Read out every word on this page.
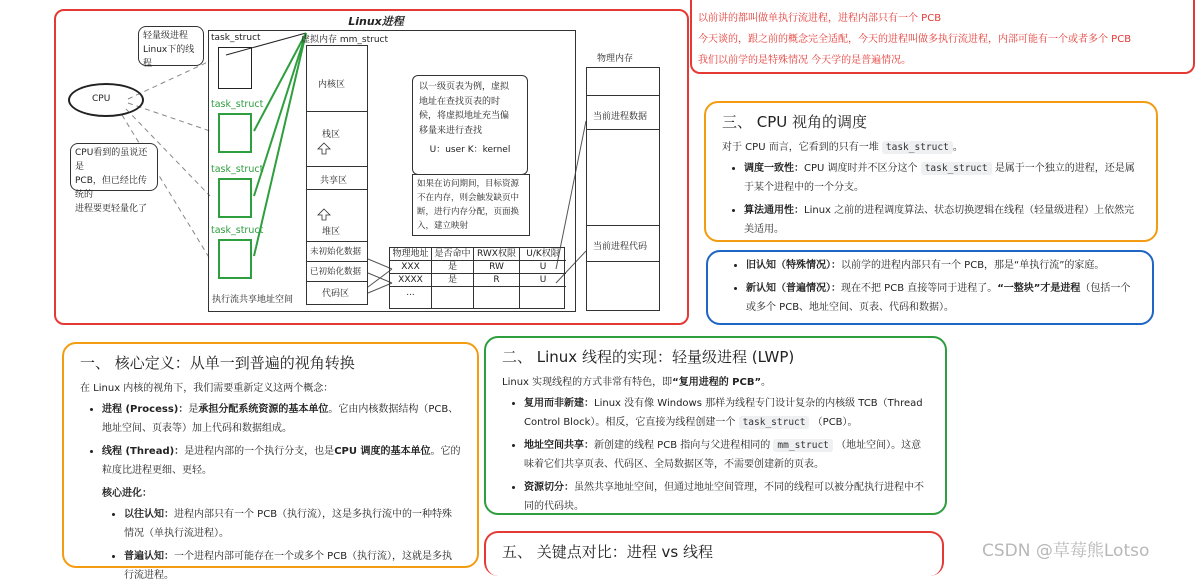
Linux进程
CPU
轻量级进程
Linux下的线程
CPU看到的虽说还是
PCB，但已经比传统的
进程要更轻量化了
task_struct
task_struct
task_struct
task_struct
执行流共享地址空间
虚拟内存 mm_struct
内核区
栈区
共享区
堆区
未初始化数据
已初始化数据
代码区
以一级页表为例，虚拟
地址在查找页表的时
候，将虚拟地址充当偏
移量来进行查找
U：user K：kernel
如果在访问期间，目标资源
不在内存，则会触发缺页中
断，进行内存分配，页面换
入，建立映射
物理地址 是否命中 RWX权限	U/K权限
XXX	是	RW	U
XXXX	是	R	U
...
物理内存
当前进程数据
当前进程代码
以前讲的都叫做单执行流进程，进程内部只有一个 PCB
今天谈的，跟之前的概念完全适配，今天的进程叫做多执行流进程，内部可能有一个或者多个 PCB
我们以前学的是特殊情况 今天学的是普遍情况。
三、 CPU 视角的调度

对于 CPU 而言，它看到的只有一堆 task_struct 。

• 调度一致性：CPU 调度时并不区分这个 task_struct 是属于一个独立的进程，还是属于某个进程中的一个分支。
• 算法通用性：Linux 之前的进程调度算法、状态切换逻辑在线程（轻量级进程）上依然完美适用。
• 旧认知（特殊情况）：以前学的进程内部只有一个 PCB，那是“单执行流”的家庭。
• 新认知（普遍情况）：现在不把 PCB 直接等同于进程了。“一整块”才是进程（包括一个或多个 PCB、地址空间、页表、代码和数据）。
一、 核心定义：从单一到普遍的视角转换

在 Linux 内核的视角下，我们需要重新定义这两个概念：

• 进程 (Process)：是承担分配系统资源的基本单位。它由内核数据结构（PCB、地址空间、页表等）加上代码和数据组成。
• 线程 (Thread)：是进程内部的一个执行分支，也是CPU 调度的基本单位。它的粒度比进程更细、更轻。

核心进化：

• 以往认知：进程内部只有一个 PCB（执行流），这是多执行流中的一种特殊情况（单执行流进程）。
• 普遍认知：一个进程内部可能存在一个或多个 PCB（执行流），这就是多执行流进程。
二、 Linux 线程的实现：轻量级进程 (LWP)

Linux 实现线程的方式非常有特色，即“复用进程的 PCB”。

• 复用而非新建：Linux 没有像 Windows 那样为线程专门设计复杂的内核级 TCB（Thread Control Block）。相反，它直接为线程创建一个 task_struct （PCB）。
• 地址空间共享：新创建的线程 PCB 指向与父进程相同的 mm_struct （地址空间）。这意味着它们共享页表、代码区、全局数据区等，不需要创建新的页表。
• 资源切分：虽然共享地址空间，但通过地址空间管理，不同的线程可以被分配执行进程中不同的代码块。
五、 关键点对比：进程 vs 线程	CSDN @草莓熊Lotso
